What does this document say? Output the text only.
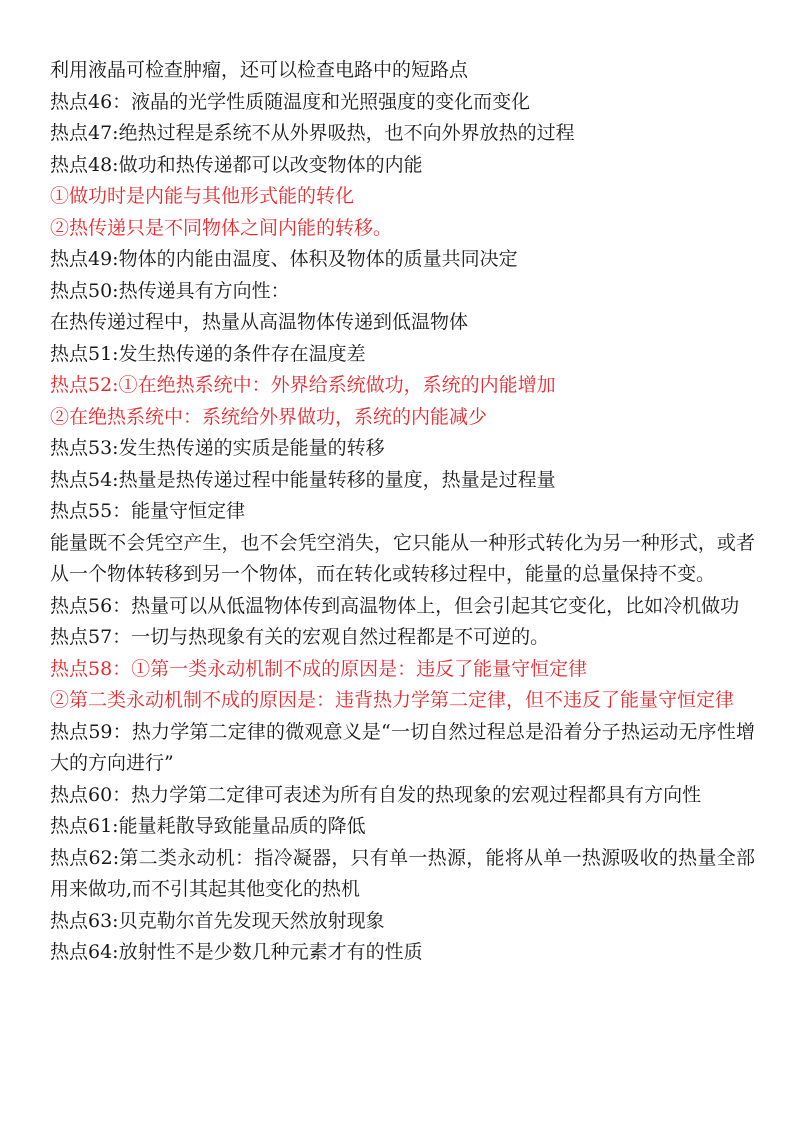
利用液晶可检查肿瘤，还可以检查电路中的短路点

热点46：液晶的光学性质随温度和光照强度的变化而变化

热点47:绝热过程是系统不从外界吸热，也不向外界放热的过程

热点48:做功和热传递都可以改变物体的内能

①做功时是内能与其他形式能的转化

②热传递只是不同物体之间内能的转移。

热点49:物体的内能由温度、体积及物体的质量共同决定

热点50:热传递具有方向性：

在热传递过程中，热量从高温物体传递到低温物体

热点51:发生热传递的条件存在温度差

热点52:①在绝热系统中：外界给系统做功，系统的内能增加

②在绝热系统中：系统给外界做功，系统的内能减少

热点53:发生热传递的实质是能量的转移

热点54:热量是热传递过程中能量转移的量度，热量是过程量

热点55：能量守恒定律

能量既不会凭空产生，也不会凭空消失，它只能从一种形式转化为另一种形式，或者从一个物体转移到另一个物体，而在转化或转移过程中，能量的总量保持不变。

热点56：热量可以从低温物体传到高温物体上，但会引起其它变化，比如冷机做功

热点57：一切与热现象有关的宏观自然过程都是不可逆的。

热点58：①第一类永动机制不成的原因是：违反了能量守恒定律

②第二类永动机制不成的原因是：违背热力学第二定律，但不违反了能量守恒定律

热点59：热力学第二定律的微观意义是“一切自然过程总是沿着分子热运动无序性增大的方向进行”

热点60：热力学第二定律可表述为所有自发的热现象的宏观过程都具有方向性

热点61:能量耗散导致能量品质的降低

热点62:第二类永动机：指冷凝器，只有单一热源，能将从单一热源吸收的热量全部用来做功,而不引其起其他变化的热机

热点63:贝克勒尔首先发现天然放射现象

热点64:放射性不是少数几种元素才有的性质
